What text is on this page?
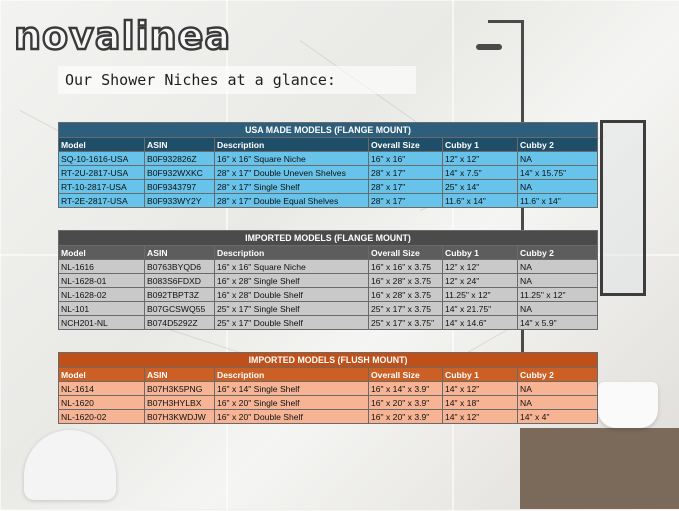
novalinea
Our Shower Niches at a glance:
USA MADE MODELS (FLANGE MOUNT)					
Model	ASIN	Description	Overall Size	Cubby 1	Cubby 2
SQ-10-1616-USA	B0F932826Z	16" x 16" Square Niche	16" x 16"	12" x 12"	NA
RT-2U-2817-USA	B0F932WXKC	28" x 17" Double Uneven Shelves	28" x 17"	14" x 7.5"	14" x 15.75"
RT-10-2817-USA	B0F9343797	28" x 17" Single Shelf	28" x 17"	25" x 14"	NA
RT-2E-2817-USA	B0F933WY2Y	28" x 17" Double Equal Shelves	28" x 17"	11.6" x 14"	11.6" x 14"
IMPORTED MODELS (FLANGE MOUNT)					
Model	ASIN	Description	Overall Size	Cubby 1	Cubby 2
NL-1616	B0763BYQD6	16" x 16" Square Niche	16" x 16" x 3.75	12" x 12"	NA
NL-1628-01	B083S6FDXD	16" x 28" Single Shelf	16" x 28" x 3.75	12" x 24"	NA
NL-1628-02	B092TBPT3Z	16" x 28" Double Shelf	16" x 28" x 3.75	11.25" x 12"	11.25" x 12"
NL-101	B07GCSWQ55	25" x 17" Single Shelf	25" x 17" x 3.75	14" x 21.75"	NA
NCH201-NL	B074D5292Z	25" x 17" Double Shelf	25" x 17" x 3.75"	14" x 14.6"	14" x 5.9"
IMPORTED MODELS (FLUSH MOUNT)					
Model	ASIN	Description	Overall Size	Cubby 1	Cubby 2
NL-1614	B07H3K5PNG	16" x 14" Single Shelf	16" x 14" x 3.9"	14" x 12"	NA
NL-1620	B07H3HYLBX	16" x 20" Single Shelf	16" x 20" x 3.9"	14" x 18"	NA
NL-1620-02	B07H3KWDJW	16" x 20" Double Shelf	16" x 20" x 3.9"	14" x 12"	14" x 4"
